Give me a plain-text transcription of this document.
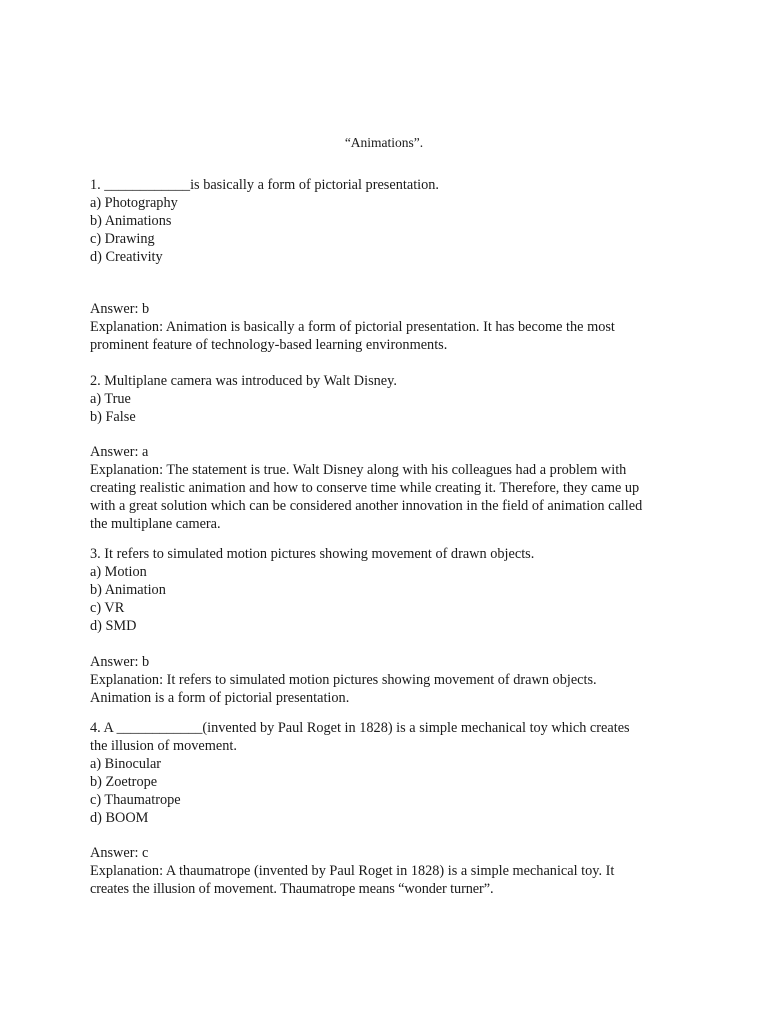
“Animations”.
1. ____________is basically a form of pictorial presentation.
a) Photography
b) Animations
c) Drawing
d) Creativity
Answer: b
Explanation: Animation is basically a form of pictorial presentation. It has become the most
prominent feature of technology-based learning environments.
2. Multiplane camera was introduced by Walt Disney.
a) True
b) False
Answer: a
Explanation: The statement is true. Walt Disney along with his colleagues had a problem with
creating realistic animation and how to conserve time while creating it. Therefore, they came up
with a great solution which can be considered another innovation in the field of animation called
the multiplane camera.
3. It refers to simulated motion pictures showing movement of drawn objects.
a) Motion
b) Animation
c) VR
d) SMD
Answer: b
Explanation: It refers to simulated motion pictures showing movement of drawn objects.
Animation is a form of pictorial presentation.
4. A ____________(invented by Paul Roget in 1828) is a simple mechanical toy which creates
the illusion of movement.
a) Binocular
b) Zoetrope
c) Thaumatrope
d) BOOM
Answer: c
Explanation: A thaumatrope (invented by Paul Roget in 1828) is a simple mechanical toy. It
creates the illusion of movement. Thaumatrope means “wonder turner”.
